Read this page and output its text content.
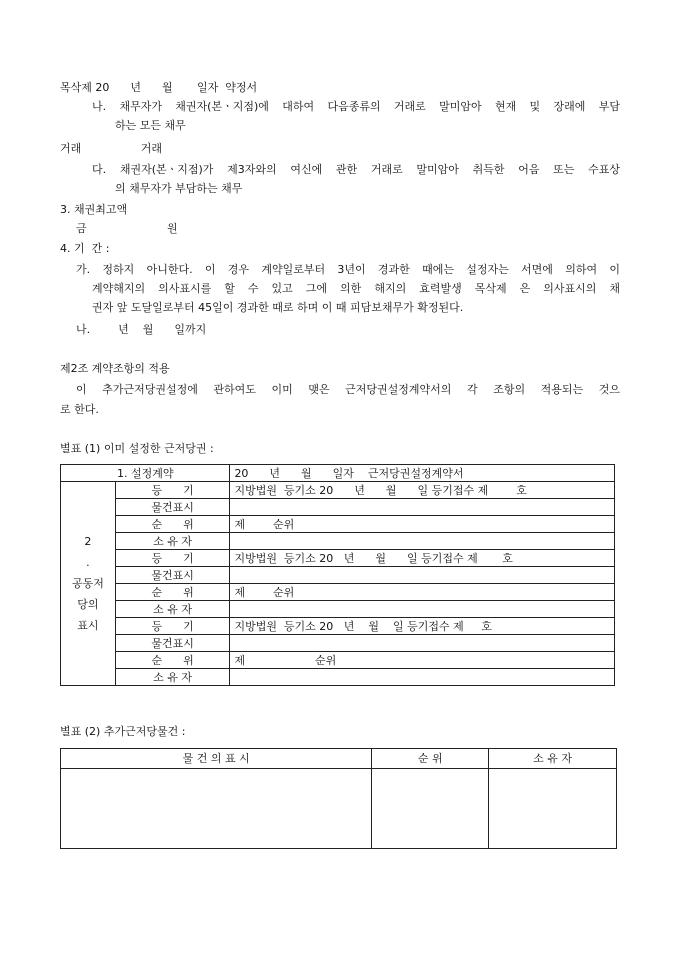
목삭제 20      년      월       일자  약정서
나. 채무자가 채권자(본ㆍ지점)에 대하여 다음종류의 거래로 말미암아 현재 및 장래에 부담
하는 모든 채무
거래                 거래
다. 채권자(본ㆍ지점)가 제3자와의 여신에 관한 거래로 말미암아 취득한 어음 또는 수표상
의 채무자가 부담하는 채무
3. 채권최고액
금                       원
4. 기  간 :
가. 정하지 아니한다. 이 경우 계약일로부터 3년이 경과한 때에는 설정자는 서면에 의하여 이
계약해지의 의사표시를 할 수 있고 그에 의한 해지의 효력발생 목삭제 은 의사표시의 채
권자 앞 도달일로부터 45일이 경과한 때로 하며 이 때 피담보채무가 확정된다.
나.        년    월      일까지
제2조 계약조항의 적용
이 추가근저당권설정에 관하여도 이미 맺은 근저당권설정계약서의 각 조항의 적용되는 것으
로 한다.
별표 (1) 이미 설정한 근저당권 :
1. 설정계약		20      년      월      일자    근저당권설정계약서

2
.
공동저
당의
표시	등      기	지방법원  등기소 20      년      월      일 등기접수 제        호
	물건표시	
	순      위	제        순위
	소 유 자	
	등      기	지방법원  등기소 20   년      월      일 등기접수 제       호
	물건표시	
	순      위	제        순위
	소 유 자	
	등      기	지방법원  등기소 20   년    월    일 등기접수 제     호
	물건표시	
	순      위	제                    순위
	소 유 자	
별표 (2) 추가근저당물건 :
물 건 의 표 시	순 위	소 유 자
